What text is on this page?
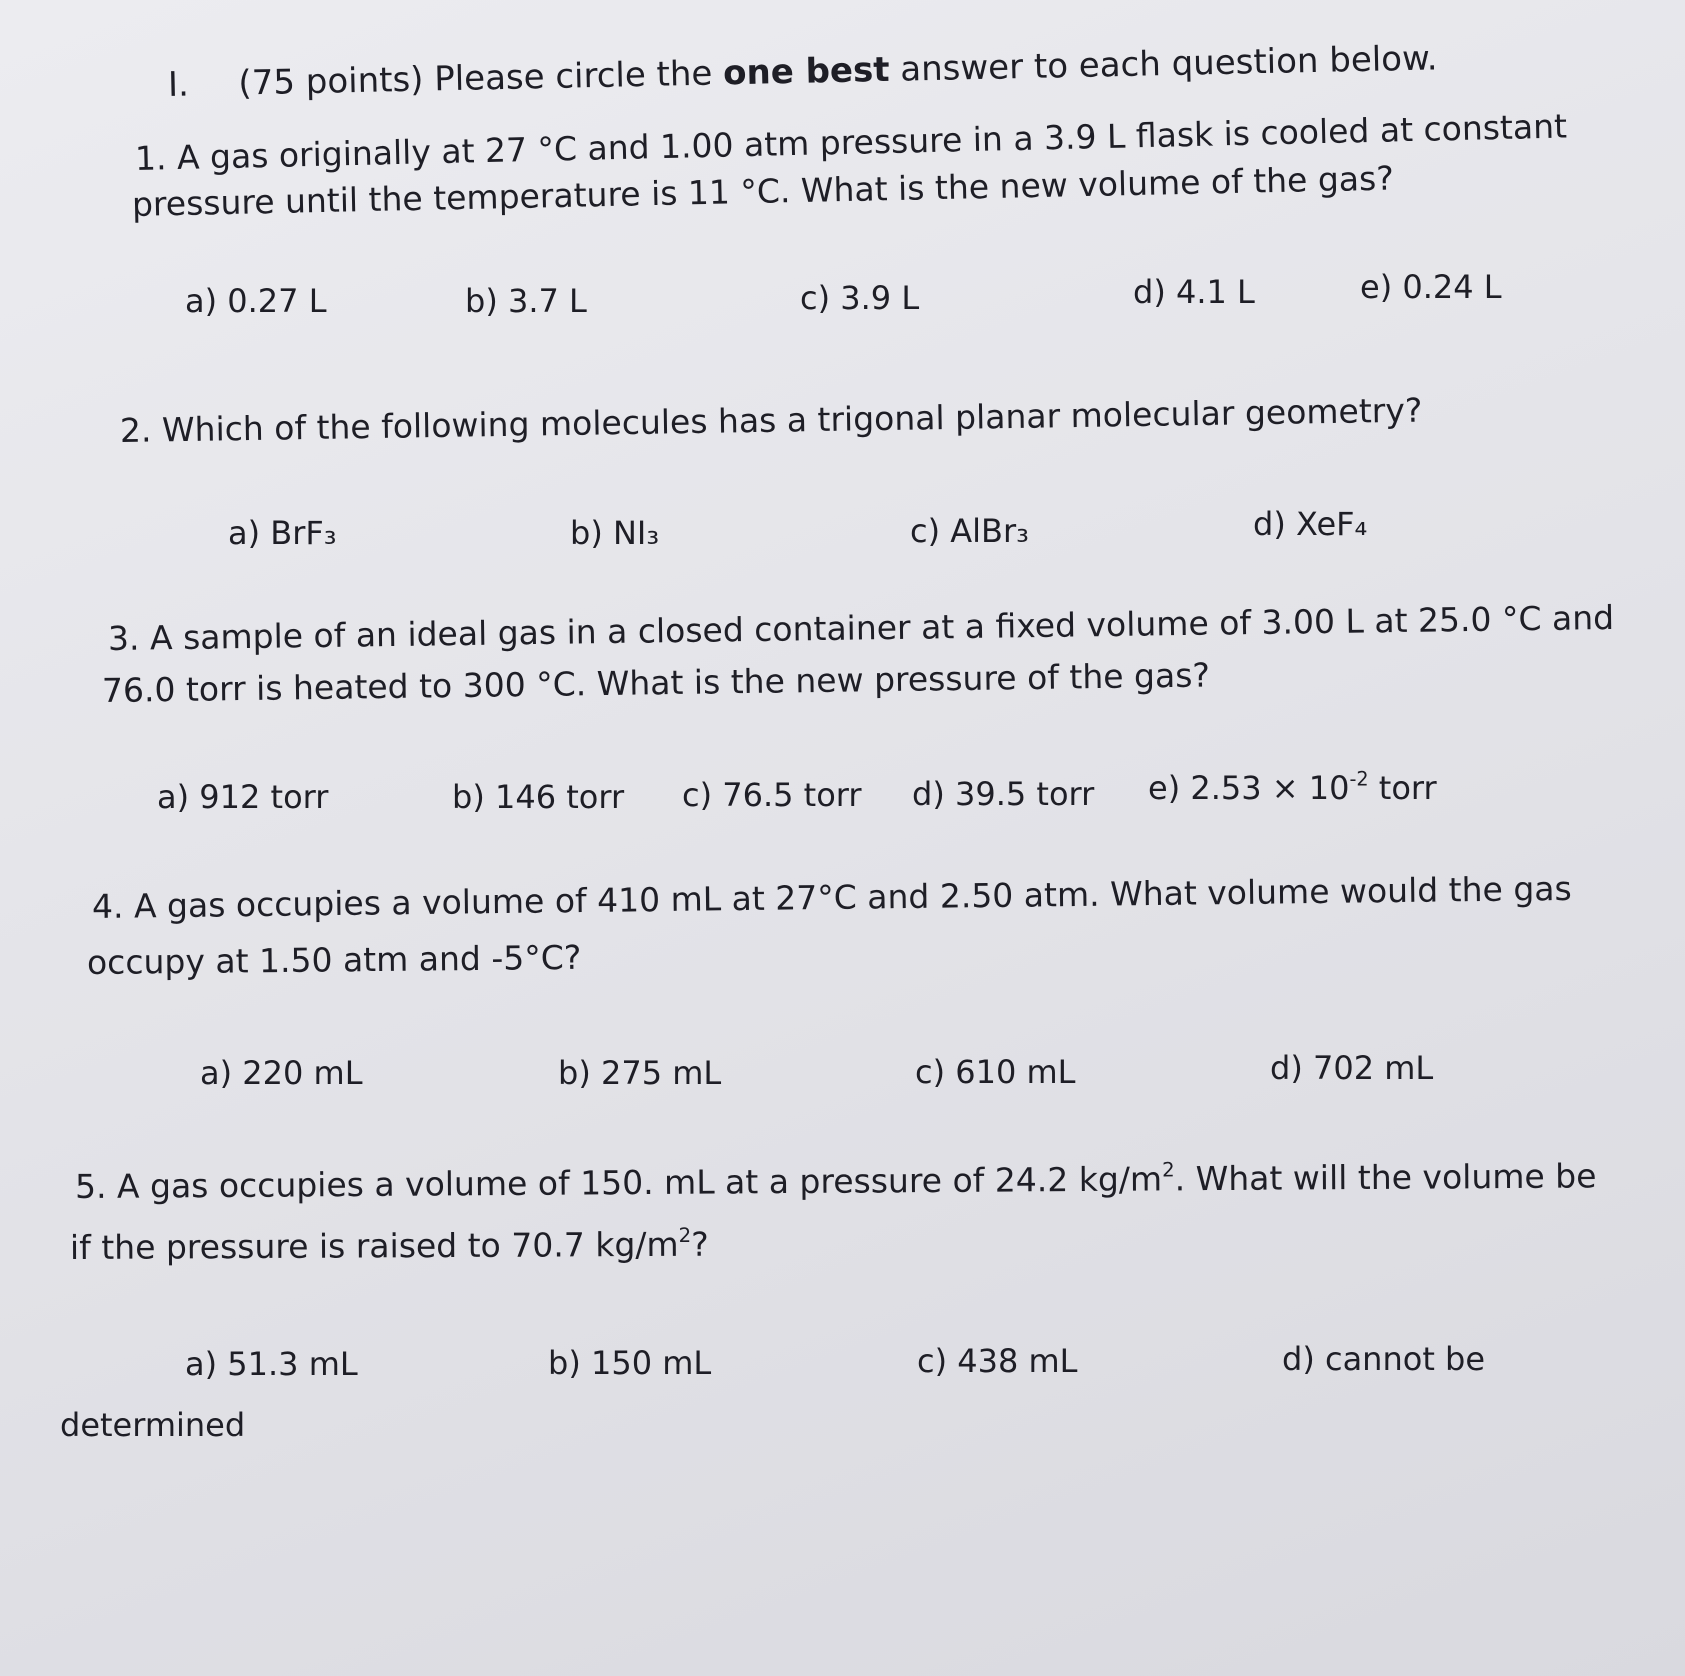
I. (75 points) Please circle the one best answer to each question below.
1. A gas originally at 27 °C and 1.00 atm pressure in a 3.9 L flask is cooled at constant
pressure until the temperature is 11 °C. What is the new volume of the gas?
a) 0.27 L	b) 3.7 L	c) 3.9 L	d) 4.1 L	e) 0.24 L
2. Which of the following molecules has a trigonal planar molecular geometry?
a) BrF₃	b) NI₃	c) AlBr₃	d) XeF₄
3. A sample of an ideal gas in a closed container at a fixed volume of 3.00 L at 25.0 °C and
76.0 torr is heated to 300 °C. What is the new pressure of the gas?
a) 912 torr	b) 146 torr c) 76.5 torr d) 39.5 torr e) $2.53 \times 10^{-2}$ torr
4. A gas occupies a volume of 410 mL at 27°C and 2.50 atm. What volume would the gas
occupy at 1.50 atm and -5°C?
a) 220 mL	b) 275 mL	c) 610 mL	d) 702 mL
5. A gas occupies a volume of 150. mL at a pressure of 24.2 $kg/m^2$. What will the volume be
if the pressure is raised to 70.7 $kg/m^2$?
a) 51.3 mL	b) 150 mL	c) 438 mL	d) cannot be
determined
